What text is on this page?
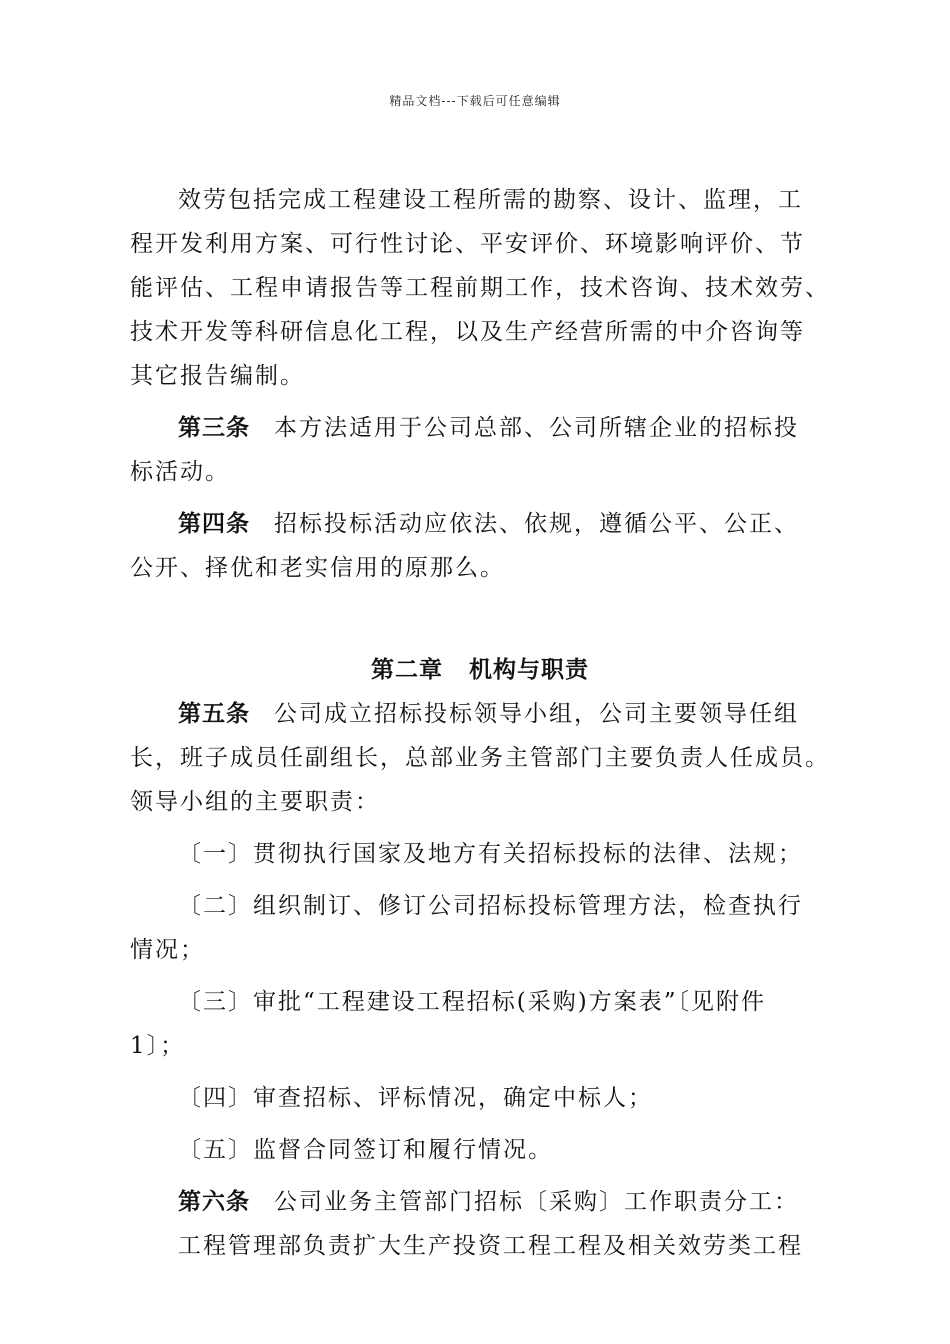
精品文档---下载后可任意编辑
效劳包括完成工程建设工程所需的勘察、设计、监理，工
程开发利用方案、可行性讨论、平安评价、环境影响评价、节
能评估、工程申请报告等工程前期工作，技术咨询、技术效劳、
技术开发等科研信息化工程，以及生产经营所需的中介咨询等
其它报告编制。
第三条 本方法适用于公司总部、公司所辖企业的招标投
标活动。
第四条 招标投标活动应依法、依规，遵循公平、公正、
公开、择优和老实信用的原那么。
第二章 机构与职责
第五条 公司成立招标投标领导小组，公司主要领导任组
长，班子成员任副组长，总部业务主管部门主要负责人任成员。
领导小组的主要职责：
〔一〕贯彻执行国家及地方有关招标投标的法律、法规；
〔二〕组织制订、修订公司招标投标管理方法，检查执行
情况；
〔三〕审批“工程建设工程招标(采购)方案表”〔见附件
1〕；
〔四〕审查招标、评标情况，确定中标人；
〔五〕监督合同签订和履行情况。
第六条 公司业务主管部门招标〔采购〕工作职责分工：
工程管理部负责扩大生产投资工程工程及相关效劳类工程
